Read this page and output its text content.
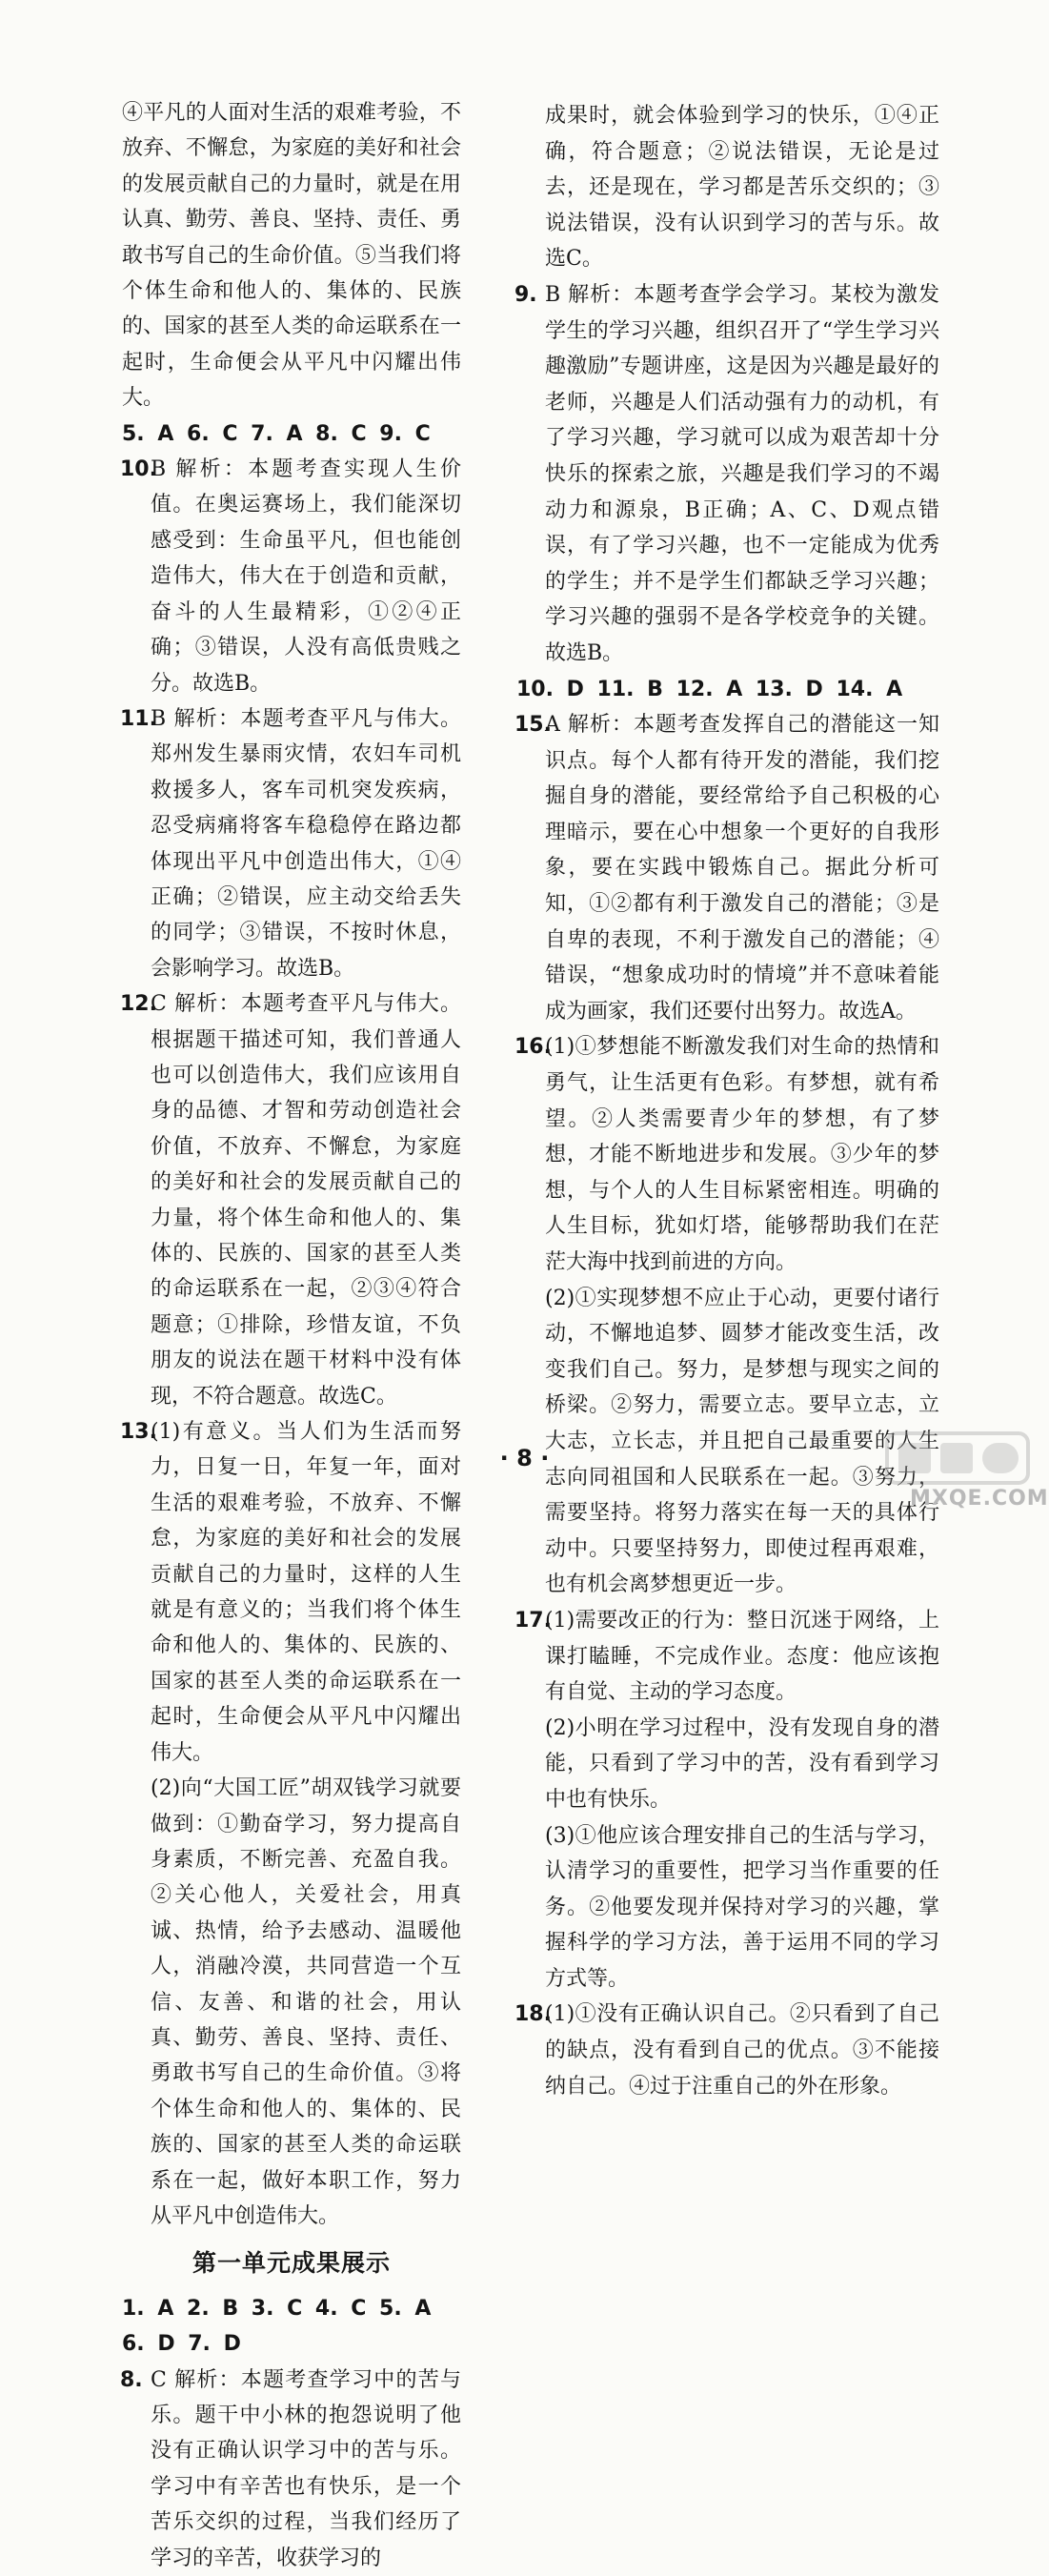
④平凡的人面对生活的艰难考验，不放弃、不懈怠，为家庭的美好和社会的发展贡献自己的力量时，就是在用认真、勤劳、善良、坚持、责任、勇敢书写自己的生命价值。⑤当我们将个体生命和他人的、集体的、民族的、国家的甚至人类的命运联系在一起时，生命便会从平凡中闪耀出伟大。

5. A 6. C 7. A 8. C 9. C

10.
B 解析：本题考查实现人生价值。在奥运赛场上，我们能深切感受到：生命虽平凡，但也能创造伟大，伟大在于创造和贡献，奋斗的人生最精彩，①②④正确；③错误，人没有高低贵贱之分。故选B。

11.
B 解析：本题考查平凡与伟大。郑州发生暴雨灾情，农妇车司机救援多人，客车司机突发疾病，忍受病痛将客车稳稳停在路边都体现出平凡中创造出伟大，①④正确；②错误，应主动交给丢失的同学；③错误，不按时休息，会影响学习。故选B。

12.
C 解析：本题考查平凡与伟大。根据题干描述可知，我们普通人也可以创造伟大，我们应该用自身的品德、才智和劳动创造社会价值，不放弃、不懈怠，为家庭的美好和社会的发展贡献自己的力量，将个体生命和他人的、集体的、民族的、国家的甚至人类的命运联系在一起，②③④符合题意；①排除，珍惜友谊，不负朋友的说法在题干材料中没有体现，不符合题意。故选C。

13.
(1)有意义。当人们为生活而努力，日复一日，年复一年，面对生活的艰难考验，不放弃、不懈怠，为家庭的美好和社会的发展贡献自己的力量时，这样的人生就是有意义的；当我们将个体生命和他人的、集体的、民族的、国家的甚至人类的命运联系在一起时，生命便会从平凡中闪耀出伟大。

(2)向“大国工匠”胡双钱学习就要做到：①勤奋学习，努力提高自身素质，不断完善、充盈自我。②关心他人，关爱社会，用真诚、热情，给予去感动、温暖他人，消融冷漠，共同营造一个互信、友善、和谐的社会，用认真、勤劳、善良、坚持、责任、勇敢书写自己的生命价值。③将个体生命和他人的、集体的、民族的、国家的甚至人类的命运联系在一起，做好本职工作，努力从平凡中创造伟大。

第一单元成果展示

1. A 2. B 3. C 4. C 5. A 6. D 7. D

8. C 解析：本题考查学习中的苦与乐。题干中小林的抱怨说明了他没有正确认识学习中的苦与乐。学习中有辛苦也有快乐，是一个苦乐交织的过程，当我们经历了学习的辛苦，收获学习的

成果时，就会体验到学习的快乐，①④正确，符合题意；②说法错误，无论是过去，还是现在，学习都是苦乐交织的；③说法错误，没有认识到学习的苦与乐。故选C。

9. B 解析：本题考查学会学习。某校为激发学生的学习兴趣，组织召开了“学生学习兴趣激励”专题讲座，这是因为兴趣是最好的老师，兴趣是人们活动强有力的动机，有了学习兴趣，学习就可以成为艰苦却十分快乐的探索之旅，兴趣是我们学习的不竭动力和源泉，B正确；A、C、D观点错误，有了学习兴趣，也不一定能成为优秀的学生；并不是学生们都缺乏学习兴趣；学习兴趣的强弱不是各学校竞争的关键。故选B。

10. D 11. B 12. A 13. D 14. A

15.
A 解析：本题考查发挥自己的潜能这一知识点。每个人都有待开发的潜能，我们挖掘自身的潜能，要经常给予自己积极的心理暗示，要在心中想象一个更好的自我形象，要在实践中锻炼自己。据此分析可知，①②都有利于激发自己的潜能；③是自卑的表现，不利于激发自己的潜能；④错误，“想象成功时的情境”并不意味着能成为画家，我们还要付出努力。故选A。

16.
(1)①梦想能不断激发我们对生命的热情和勇气，让生活更有色彩。有梦想，就有希望。②人类需要青少年的梦想，有了梦想，才能不断地进步和发展。③少年的梦想，与个人的人生目标紧密相连。明确的人生目标，犹如灯塔，能够帮助我们在茫茫大海中找到前进的方向。

(2)①实现梦想不应止于心动，更要付诸行动，不懈地追梦、圆梦才能改变生活，改变我们自己。努力，是梦想与现实之间的桥梁。②努力，需要立志。要早立志，立大志，立长志，并且把自己最重要的人生志向同祖国和人民联系在一起。③努力，需要坚持。将努力落实在每一天的具体行动中。只要坚持努力，即使过程再艰难，也有机会离梦想更近一步。

17.
(1)需要改正的行为：整日沉迷于网络，上课打瞌睡，不完成作业。态度：他应该抱有自觉、主动的学习态度。

(2)小明在学习过程中，没有发现自身的潜能，只看到了学习中的苦，没有看到学习中也有快乐。

(3)①他应该合理安排自己的生活与学习，认清学习的重要性，把学习当作重要的任务。②他要发现并保持对学习的兴趣，掌握科学的学习方法，善于运用不同的学习方式等。

18.
(1)①没有正确认识自己。②只看到了自己的缺点，没有看到自己的优点。③不能接纳自己。④过于注重自己的外在形象。

· 8 ·
MXQE.COM
